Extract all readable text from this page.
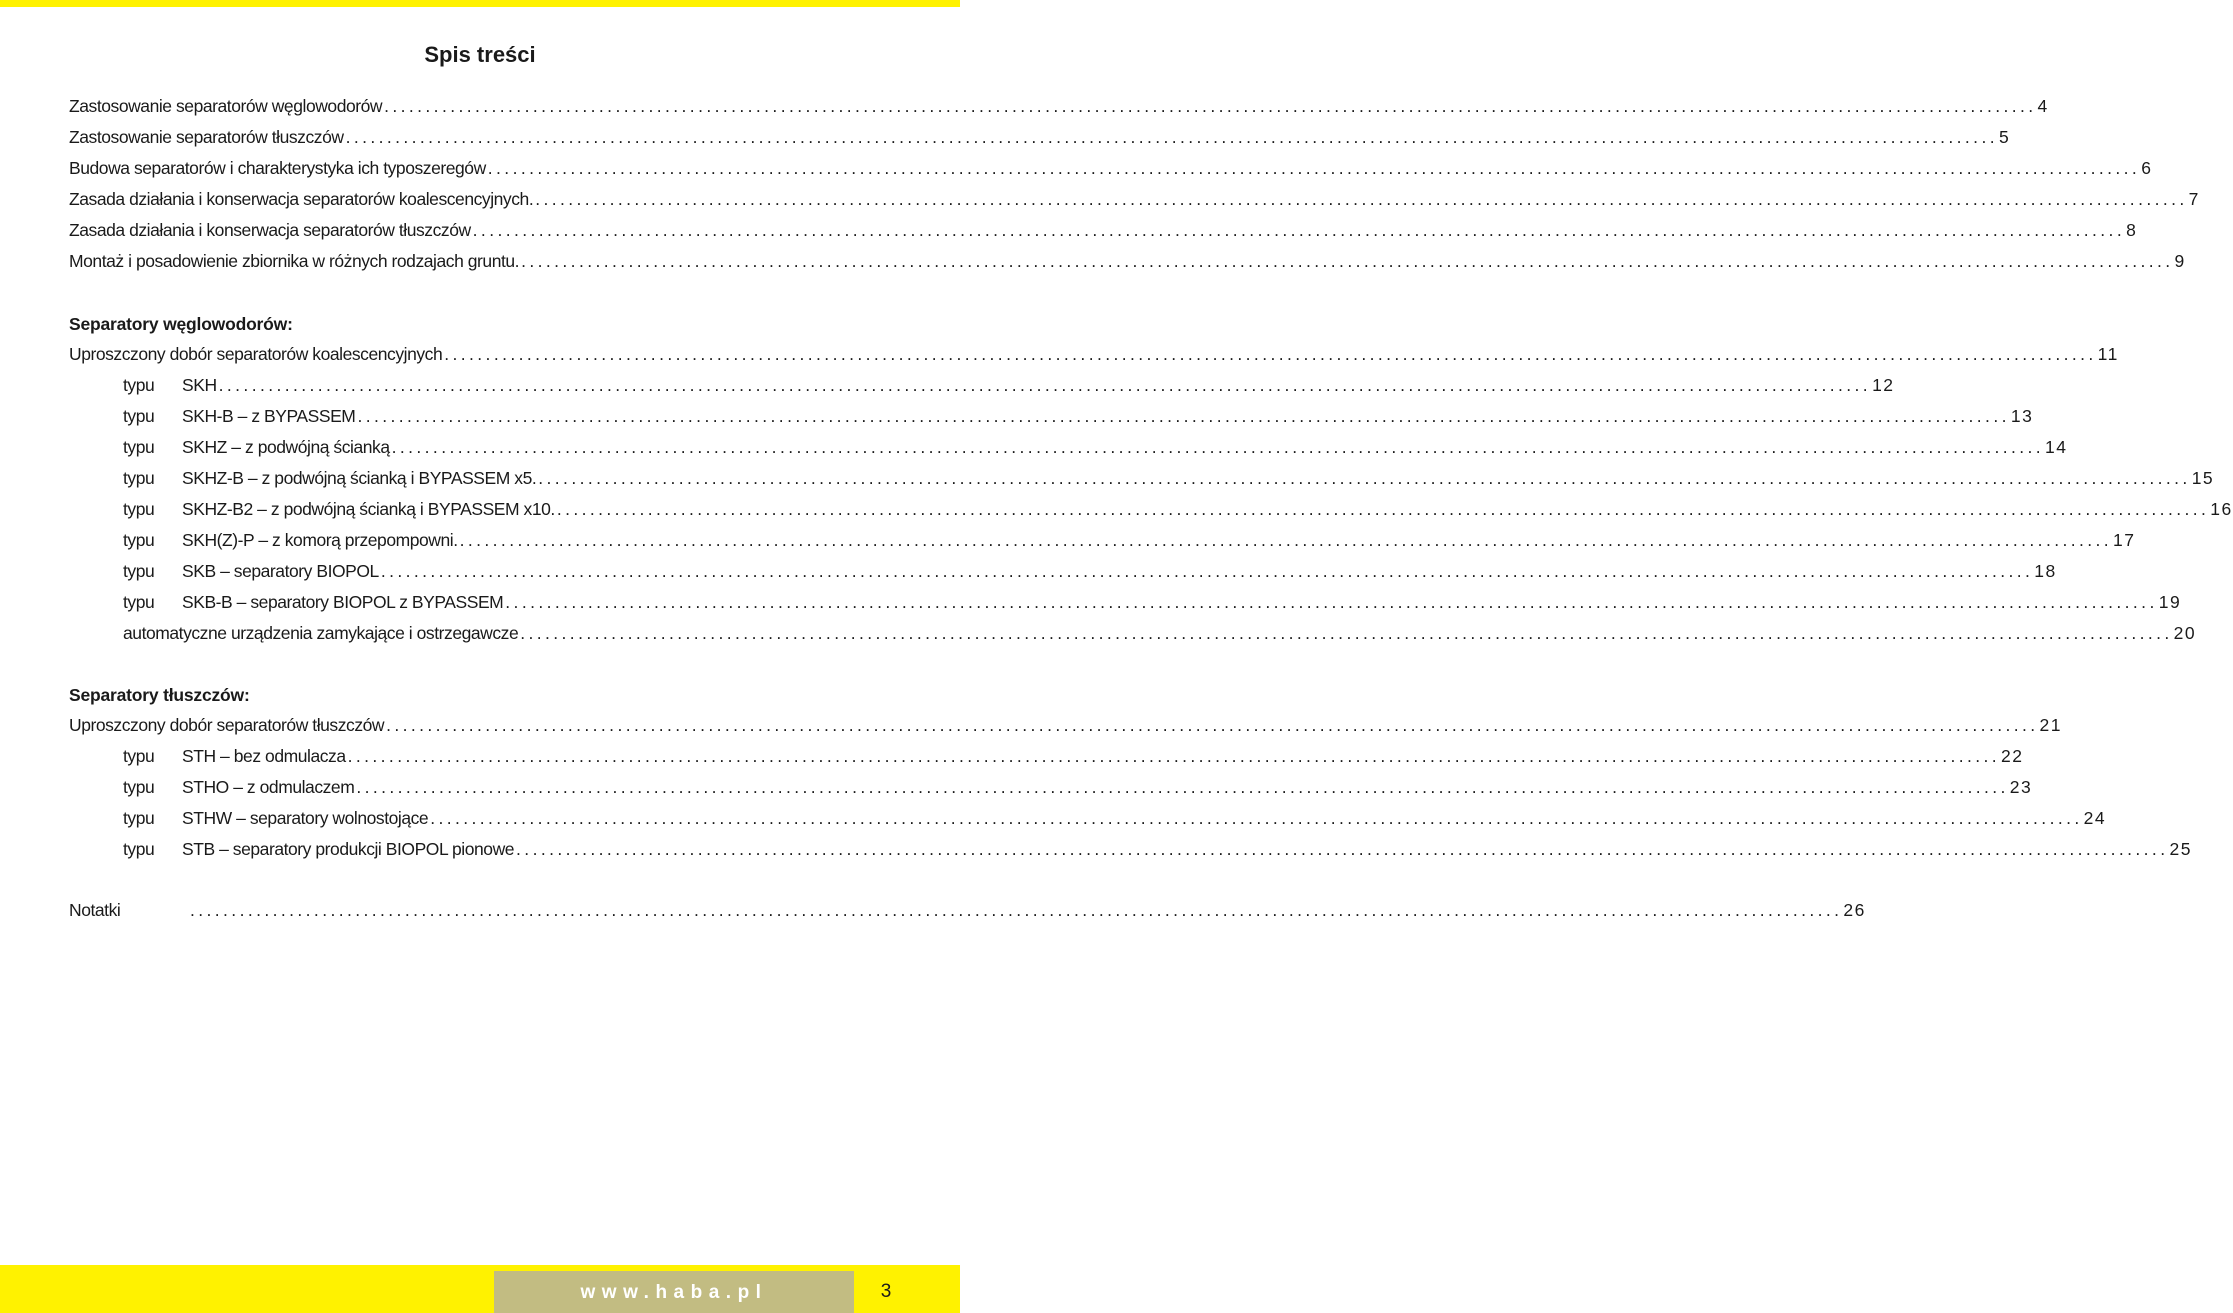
Spis treści
Zastosowanie separatorów węglowodorów ........................................................................................................................................................................................................ 4
Zastosowanie separatorów tłuszczów ........................................................................................................................................................................................................ 5
Budowa separatorów i charakterystyka ich typoszeregów ........................................................................................................................................................................................................ 6
Zasada działania i konserwacja separatorów koalescencyjnych. ........................................................................................................................................................................................................ 7
Zasada działania i konserwacja separatorów tłuszczów ........................................................................................................................................................................................................ 8
Montaż i posadowienie zbiornika w różnych rodzajach gruntu. ........................................................................................................................................................................................................ 9
Separatory węglowodorów:
Uproszczony dobór separatorów koalescencyjnych ........................................................................................................................................................................................................ 11
typu	SKH ........................................................................................................................................................................................................ 12
typu	SKH-B – z BYPASSEM ........................................................................................................................................................................................................ 13
typu	SKHZ – z podwójną ścianką ........................................................................................................................................................................................................ 14
typu	SKHZ-B – z podwójną ścianką i BYPASSEM x5. ........................................................................................................................................................................................................ 15
typu	SKHZ-B2 – z podwójną ścianką i BYPASSEM x10. ........................................................................................................................................................................................................ 16
typu	SKH(Z)-P – z komorą przepompowni. ........................................................................................................................................................................................................ 17
typu	SKB – separatory BIOPOL ........................................................................................................................................................................................................ 18
typu	SKB-B – separatory BIOPOL z BYPASSEM ........................................................................................................................................................................................................ 19
automatyczne urządzenia zamykające i ostrzegawcze ........................................................................................................................................................................................................ 20
Separatory tłuszczów:
Uproszczony dobór separatorów tłuszczów ........................................................................................................................................................................................................ 21
typu	STH – bez odmulacza ........................................................................................................................................................................................................ 22
typu	STHO – z odmulaczem ........................................................................................................................................................................................................ 23
typu	STHW – separatory wolnostojące ........................................................................................................................................................................................................ 24
typu	STB – separatory produkcji BIOPOL pionowe ........................................................................................................................................................................................................ 25
Notatki	........................................................................................................................................................................................................ 26
www.haba.pl	3
